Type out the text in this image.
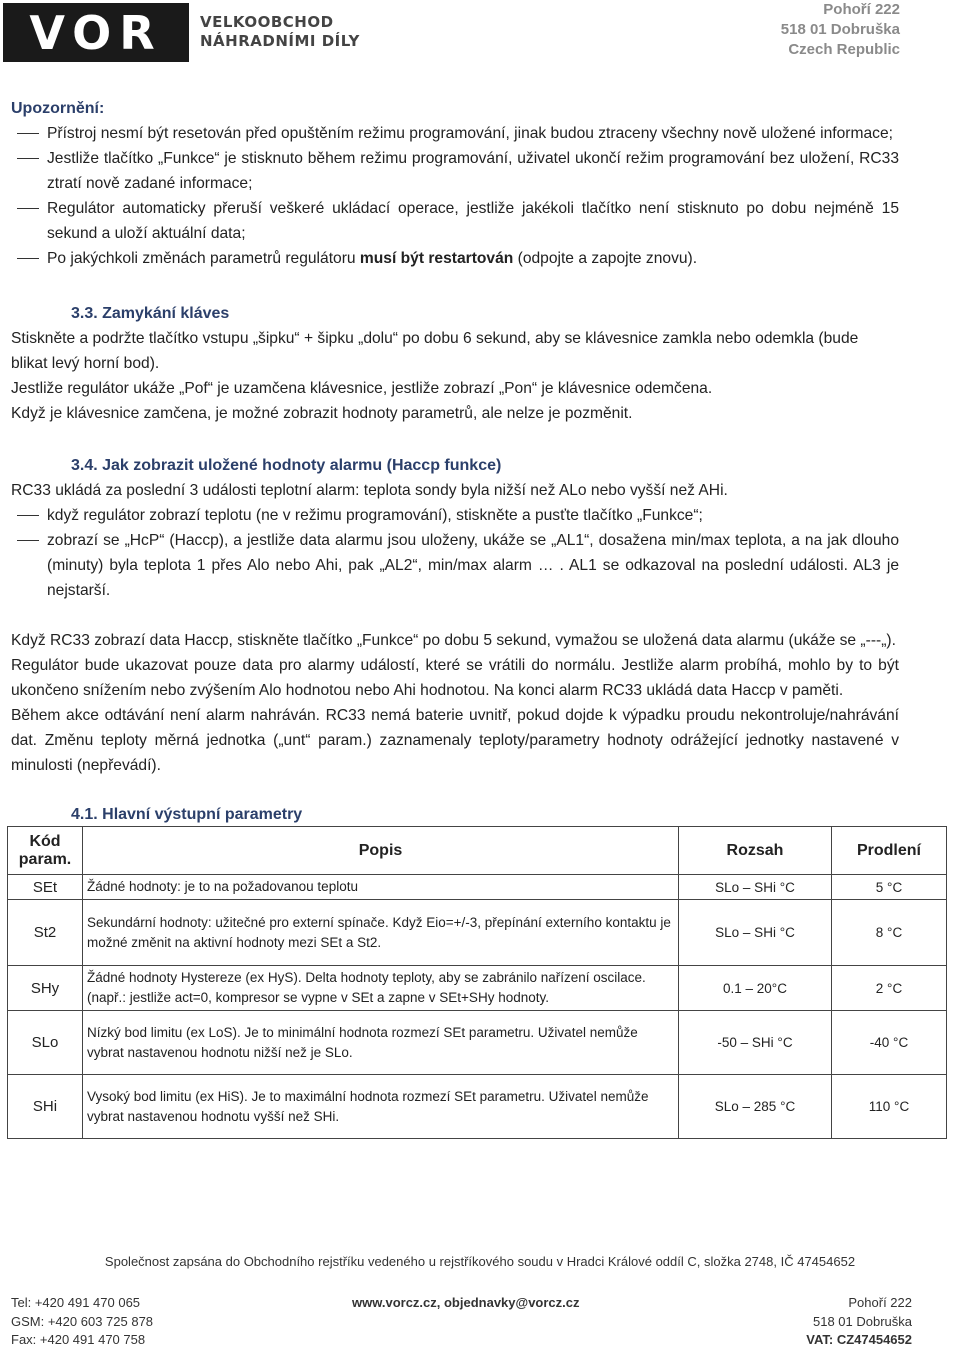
VOR VELKOOBCHOD
NÁHRADNÍMI DÍLY
Pohoří 222
518 01 Dobruška
Czech Republic
Upozornění:
Přístroj nesmí být resetován před opuštěním režimu programování, jinak budou ztraceny všechny nově uložené informace;
Jestliže tlačítko „Funkce“ je stisknuto během režimu programování, uživatel ukončí režim programování bez uložení, RC33 ztratí nově zadané informace;
Regulátor automaticky přeruší veškeré ukládací operace, jestliže jakékoli tlačítko není stisknuto po dobu nejméně 15 sekund a uloží aktuální data;
Po jakýchkoli změnách parametrů regulátoru musí být restartován (odpojte a zapojte znovu).
3.3. Zamykání kláves

Stiskněte a podržte tlačítko vstupu „šipku“ + šipku „dolu“ po dobu 6 sekund, aby se klávesnice zamkla nebo odemkla (bude blikat levý horní bod).

Jestliže regulátor ukáže „Pof“ je uzamčena klávesnice, jestliže zobrazí „Pon“ je klávesnice odemčena.

Když je klávesnice zamčena, je možné zobrazit hodnoty parametrů, ale nelze je pozměnit.

3.4. Jak zobrazit uložené hodnoty alarmu (Haccp funkce)

RC33 ukládá za poslední 3 události teplotní alarm: teplota sondy byla nižší než ALo nebo vyšší než AHi.

když regulátor zobrazí teplotu (ne v režimu programování), stiskněte a pusťte tlačítko „Funkce“;
zobrazí se „HcP“ (Haccp), a jestliže data alarmu jsou uloženy, ukáže se „AL1“, dosažena min/max teplota, a na jak dlouho (minuty) byla teplota 1 přes Alo nebo Ahi, pak „AL2“, min/max alarm … . AL1 se odkazoval na poslední události. AL3 je nejstarší.

Když RC33 zobrazí data Haccp, stiskněte tlačítko „Funkce“ po dobu 5 sekund, vymažou se uložená data alarmu (ukáže se „---„).

Regulátor bude ukazovat pouze data pro alarmy událostí, které se vrátili do normálu. Jestliže alarm probíhá, mohlo by to být ukončeno snížením nebo zvýšením Alo hodnotou nebo Ahi hodnotou. Na konci alarm RC33 ukládá data Haccp v paměti.

Během akce odtávání není alarm nahráván. RC33 nemá baterie uvnitř, pokud dojde k výpadku proudu nekontroluje/nahrávání dat. Změnu teploty měrná jednotka („unt“ param.) zaznamenaly teploty/parametry hodnoty odrážející jednotky nastavené v minulosti (nepřevádí).

4.1. Hlavní výstupní parametry
Kód param.	Popis	Rozsah	Prodlení
SEt	Žádné hodnoty: je to na požadovanou teplotu	SLo – SHi °C	5 °C
St2	Sekundární hodnoty: užitečné pro externí spínače. Když Eio=+/-3, přepínání externího kontaktu je možné změnit na aktivní hodnoty mezi SEt a St2.	SLo – SHi °C	8 °C
SHy	Žádné hodnoty Hystereze (ex HyS). Delta hodnoty teploty, aby se zabránilo nařízení oscilace. (např.: jestliže act=0, kompresor se vypne v SEt a zapne v SEt+SHy hodnoty.	0.1 – 20°C	2 °C
SLo	Nízký bod limitu (ex LoS). Je to minimální hodnota rozmezí SEt parametru. Uživatel nemůže vybrat nastavenou hodnotu nižší než je SLo.	-50 – SHi °C	-40 °C
SHi	Vysoký bod limitu (ex HiS). Je to maximální hodnota rozmezí SEt parametru. Uživatel nemůže vybrat nastavenou hodnotu vyšší než SHi.	SLo – 285 °C	110 °C
Společnost zapsána do Obchodního rejstříku vedeného u rejstříkového soudu v Hradci Králové oddíl C, složka 2748, IČ 47454652
Tel: +420 491 470 065
GSM: +420 603 725 878
Fax: +420 491 470 758
www.vorcz.cz, objednavky@vorcz.cz	Pohoří 222
518 01 Dobruška
VAT: CZ47454652
